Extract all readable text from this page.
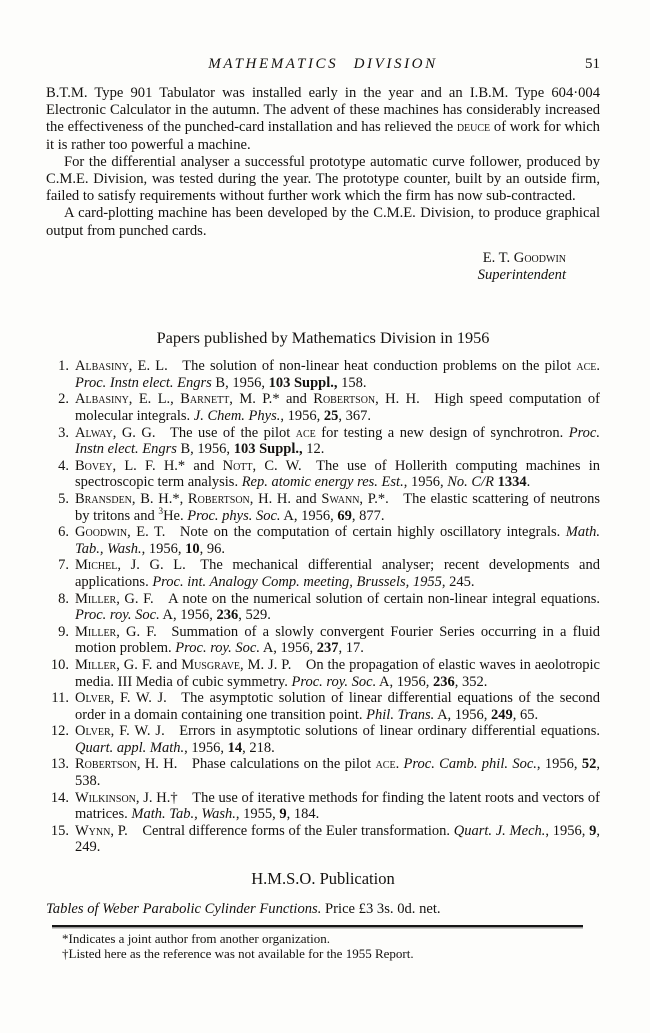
MATHEMATICS DIVISION	51

B.T.M. Type 901 Tabulator was installed early in the year and an I.B.M. Type 604·004 Electronic Calculator in the autumn. The advent of these machines has considerably increased the effectiveness of the punched-card installation and has relieved the deuce of work for which it is rather too powerful a machine.

For the differential analyser a successful prototype automatic curve follower, produced by C.M.E. Division, was tested during the year. The prototype counter, built by an outside firm, failed to satisfy requirements without further work which the firm has now sub-contracted.

A card-plotting machine has been developed by the C.M.E. Division, to produce graphical output from punched cards.

E. T. Goodwin
Superintendent
Papers published by Mathematics Division in 1956
1. Albasiny, E. L. The solution of non-linear heat conduction problems on the pilot ace. Proc. Instn elect. Engrs B, 1956, 103 Suppl., 158.
2. Albasiny, E. L., Barnett, M. P.* and Robertson, H. H. High speed computation of molecular integrals. J. Chem. Phys., 1956, 25, 367.
3. Alway, G. G. The use of the pilot ace for testing a new design of synchrotron. Proc. Instn elect. Engrs B, 1956, 103 Suppl., 12.
4. Bovey, L. F. H.* and Nott, C. W. The use of Hollerith computing machines in spectroscopic term analysis. Rep. atomic energy res. Est., 1956, No. C/R 1334.
5. Bransden, B. H.*, Robertson, H. H. and Swann, P.*. The elastic scattering of neutrons by tritons and $^3$He. Proc. phys. Soc. A, 1956, 69, 877.
6. Goodwin, E. T. Note on the computation of certain highly oscillatory integrals. Math. Tab., Wash., 1956, 10, 96.
7. Michel, J. G. L. The mechanical differential analyser; recent developments and applications. Proc. int. Analogy Comp. meeting, Brussels, 1955, 245.
8. Miller, G. F. A note on the numerical solution of certain non-linear integral equations. Proc. roy. Soc. A, 1956, 236, 529.
9. Miller, G. F. Summation of a slowly convergent Fourier Series occurring in a fluid motion problem. Proc. roy. Soc. A, 1956, 237, 17.
10. Miller, G. F. and Musgrave, M. J. P. On the propagation of elastic waves in aeolotropic media. III Media of cubic symmetry. Proc. roy. Soc. A, 1956, 236, 352.
11. Olver, F. W. J. The asymptotic solution of linear differential equations of the second order in a domain containing one transition point. Phil. Trans. A, 1956, 249, 65.
12. Olver, F. W. J. Errors in asymptotic solutions of linear ordinary differential equations. Quart. appl. Math., 1956, 14, 218.
13. Robertson, H. H. Phase calculations on the pilot ace. Proc. Camb. phil. Soc., 1956, 52, 538.
14. Wilkinson, J. H.† The use of iterative methods for finding the latent roots and vectors of matrices. Math. Tab., Wash., 1955, 9, 184.
15. Wynn, P. Central difference forms of the Euler transformation. Quart. J. Mech., 1956, 9, 249.
H.M.S.O. Publication

Tables of Weber Parabolic Cylinder Functions. Price £3 3s. 0d. net.

*Indicates a joint author from another organization.

†Listed here as the reference was not available for the 1955 Report.
